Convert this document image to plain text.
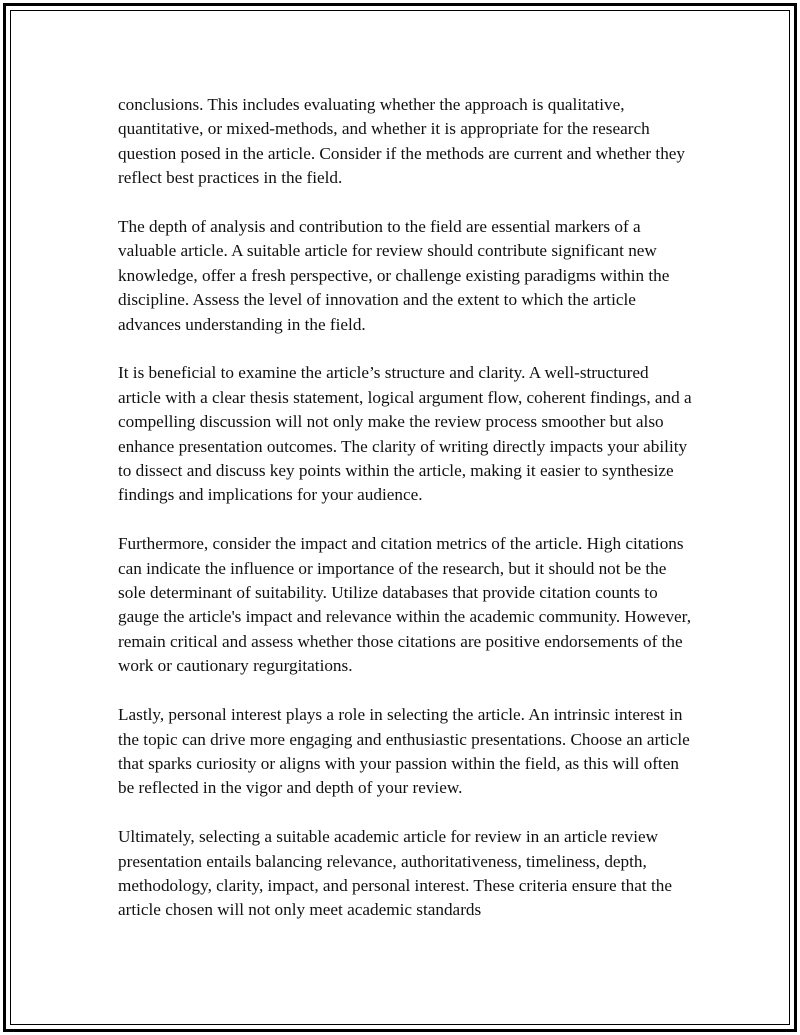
conclusions. This includes evaluating whether the approach is qualitative, quantitative, or mixed-methods, and whether it is appropriate for the research question posed in the article. Consider if the methods are current and whether they reflect best practices in the field.

The depth of analysis and contribution to the field are essential markers of a valuable article. A suitable article for review should contribute significant new knowledge, offer a fresh perspective, or challenge existing paradigms within the discipline. Assess the level of innovation and the extent to which the article advances understanding in the field.

It is beneficial to examine the article’s structure and clarity. A well-structured article with a clear thesis statement, logical argument flow, coherent findings, and a compelling discussion will not only make the review process smoother but also enhance presentation outcomes. The clarity of writing directly impacts your ability to dissect and discuss key points within the article, making it easier to synthesize findings and implications for your audience.

Furthermore, consider the impact and citation metrics of the article. High citations can indicate the influence or importance of the research, but it should not be the sole determinant of suitability. Utilize databases that provide citation counts to gauge the article's impact and relevance within the academic community. However, remain critical and assess whether those citations are positive endorsements of the work or cautionary regurgitations.

Lastly, personal interest plays a role in selecting the article. An intrinsic interest in the topic can drive more engaging and enthusiastic presentations. Choose an article that sparks curiosity or aligns with your passion within the field, as this will often be reflected in the vigor and depth of your review.

Ultimately, selecting a suitable academic article for review in an article review presentation entails balancing relevance, authoritativeness, timeliness, depth, methodology, clarity, impact, and personal interest. These criteria ensure that the article chosen will not only meet academic standards
